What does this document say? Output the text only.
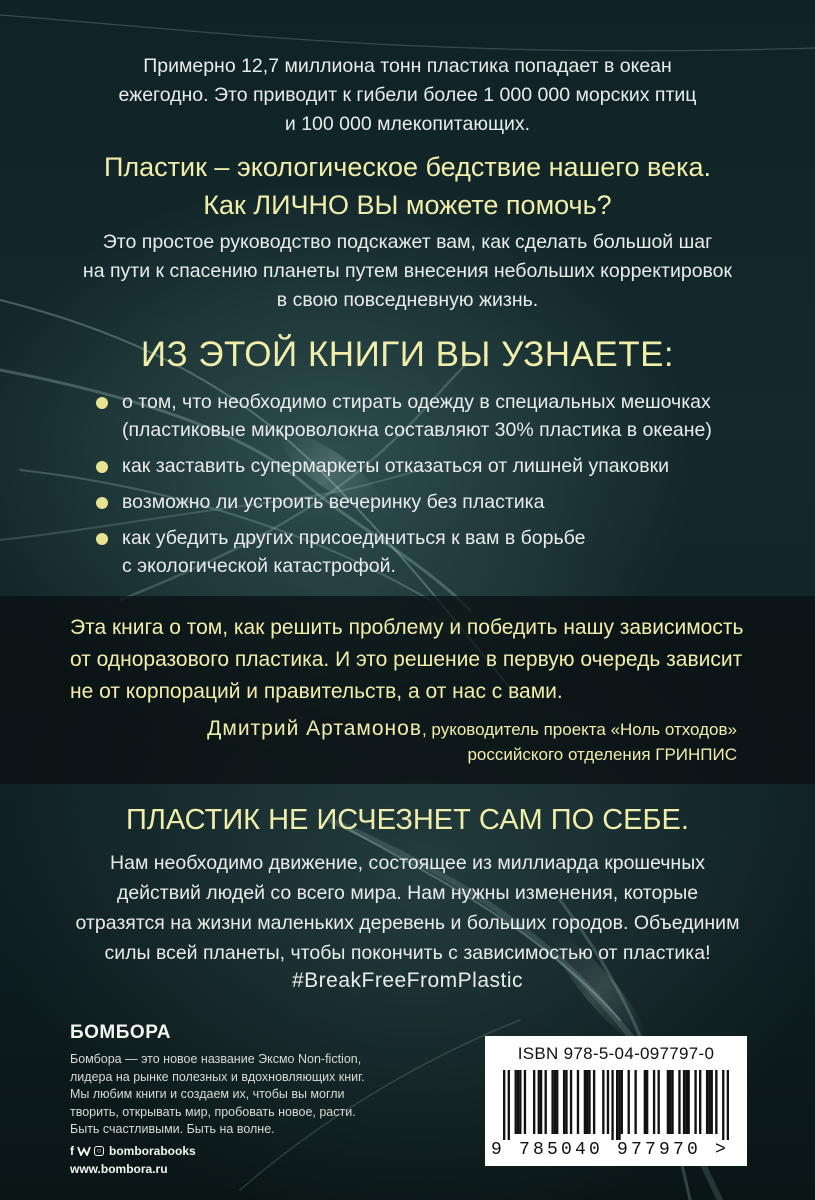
Примерно 12,7 миллиона тонн пластика попадает в океан
ежегодно. Это приводит к гибели более 1 000 000 морских птиц
и 100 000 млекопитающих.
Пластик – экологическое бедствие нашего века.
Как ЛИЧНО ВЫ можете помочь?
Это простое руководство подскажет вам, как сделать большой шаг
на пути к спасению планеты путем внесения небольших корректировок
в свою повседневную жизнь.
ИЗ ЭТОЙ КНИГИ ВЫ УЗНАЕТЕ:
о том, что необходимо стирать одежду в специальных мешочках
(пластиковые микроволокна составляют 30% пластика в океане)
как заставить супермаркеты отказаться от лишней упаковки
возможно ли устроить вечеринку без пластика
как убедить других присоединиться к вам в борьбе
с экологической катастрофой.
Эта книга о том, как решить проблему и победить нашу зависимость
от одноразового пластика. И это решение в первую очередь зависит
не от корпораций и правительств, а от нас с вами.
Дмитрий Артамонов, руководитель проекта «Ноль отходов»
российского отделения ГРИНПИС
ПЛАСТИК НЕ ИСЧЕЗНЕТ САМ ПО СЕБЕ.
Нам необходимо движение, состоящее из миллиарда крошечных
действий людей со всего мира. Нам нужны изменения, которые
отразятся на жизни маленьких деревень и больших городов. Объединим
силы всей планеты, чтобы покончить с зависимостью от пластика!
#BreakFreeFromPlastic
БОМБОРА
Бомбора — это новое название Эксмо Non-fiction,
лидера на рынке полезных и вдохновляющих книг.
Мы любим книги и создаем их, чтобы вы могли
творить, открывать мир, пробовать новое, расти.
Быть счастливыми. Быть на волне.
f	○ bomborabooks
www.bombora.ru
ISBN 978-5-04-097797-0
9 785040 977970 >
